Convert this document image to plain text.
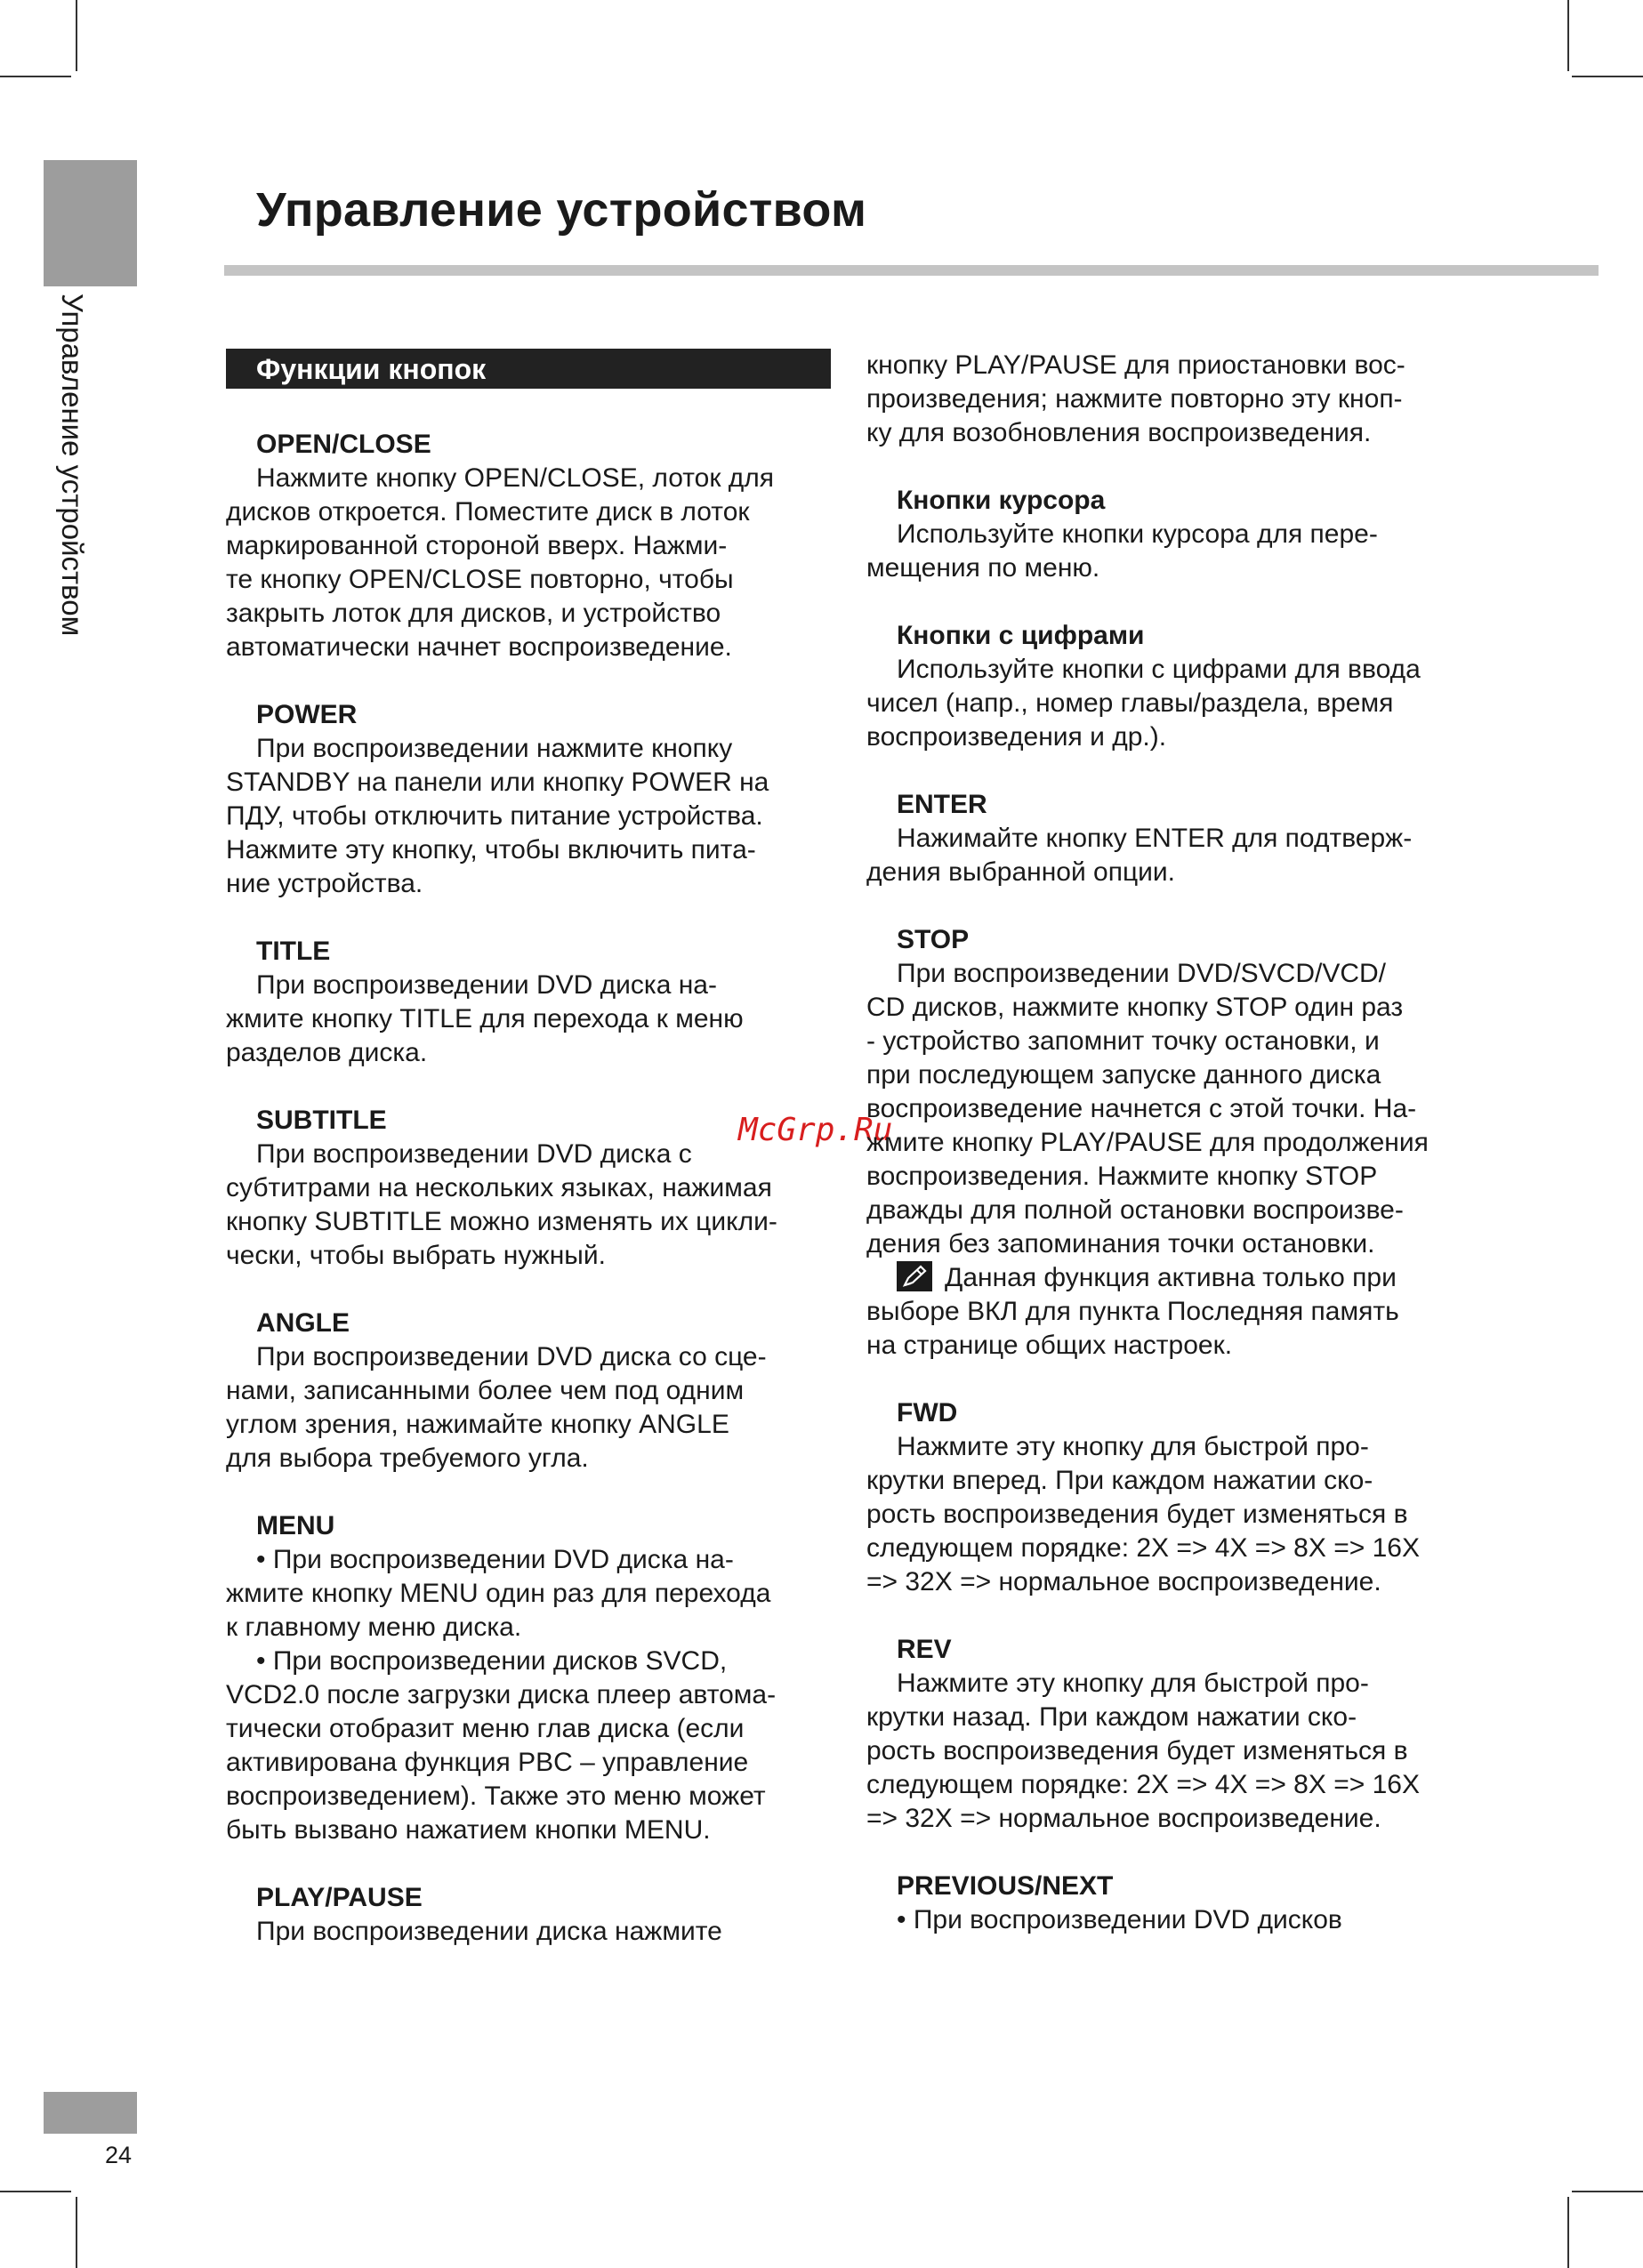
Управление устройством
24
Управление устройством
McGrp.Ru
Функции кнопок

OPEN/CLOSE

Нажмите кнопку OPEN/CLOSE, лоток для
дисков откроется. Поместите диск в лоток
маркированной стороной вверх. Нажми-
те кнопку OPEN/CLOSE повторно, чтобы
закрыть лоток для дисков, и устройство
автоматически начнет воспроизведение.

POWER

При воспроизведении нажмите кнопку
STANDBY на панели или кнопку POWER на
ПДУ, чтобы отключить питание устройства.
Нажмите эту кнопку, чтобы включить пита-
ние устройства.

TITLE

При воспроизведении DVD диска на-
жмите кнопку TITLE для перехода к меню
разделов диска.

SUBTITLE

При воспроизведении DVD диска с
субтитрами на нескольких языках, нажимая
кнопку SUBTITLE можно изменять их цикли-
чески, чтобы выбрать нужный.

ANGLE

При воспроизведении DVD диска со сце-
нами, записанными более чем под одним
углом зрения, нажимайте кнопку ANGLE
для выбора требуемого угла.

MENU

• При воспроизведении DVD диска на-
жмите кнопку MENU один раз для перехода
к главному меню диска.

• При воспроизведении дисков SVCD,
VCD2.0 после загрузки диска плеер автома-
тически отобразит меню глав диска (если
активирована функция PBC – управление
воспроизведением). Также это меню может
быть вызвано нажатием кнопки MENU.

PLAY/PAUSE

При воспроизведении диска нажмите

кнопку PLAY/PAUSE для приостановки вос-
произведения; нажмите повторно эту кноп-
ку для возобновления воспроизведения.

Кнопки курсора

Используйте кнопки курсора для пере-
мещения по меню.

Кнопки с цифрами

Используйте кнопки с цифрами для ввода
чисел (напр., номер главы/раздела, время
воспроизведения и др.).

ENTER

Нажимайте кнопку ENTER для подтверж-
дения выбранной опции.

STOP

При воспроизведении DVD/SVCD/VCD/
CD дисков, нажмите кнопку STOP один раз
- устройство запомнит точку остановки, и
при последующем запуске данного диска
воспроизведение начнется с этой точки. На-
жмите кнопку PLAY/PAUSE для продолжения
воспроизведения. Нажмите кнопку STOP
дважды для полной остановки воспроизве-
дения без запоминания точки остановки.

Данная функция активна только при
выборе ВКЛ для пункта Последняя память
на странице общих настроек.

FWD

Нажмите эту кнопку для быстрой про-
крутки вперед. При каждом нажатии ско-
рость воспроизведения будет изменяться в
следующем порядке: 2X => 4X => 8X => 16X
=> 32X => нормальное воспроизведение.

REV

Нажмите эту кнопку для быстрой про-
крутки назад. При каждом нажатии ско-
рость воспроизведения будет изменяться в
следующем порядке: 2X => 4X => 8X => 16X
=> 32X => нормальное воспроизведение.

PREVIOUS/NEXT

• При воспроизведении DVD дисков
